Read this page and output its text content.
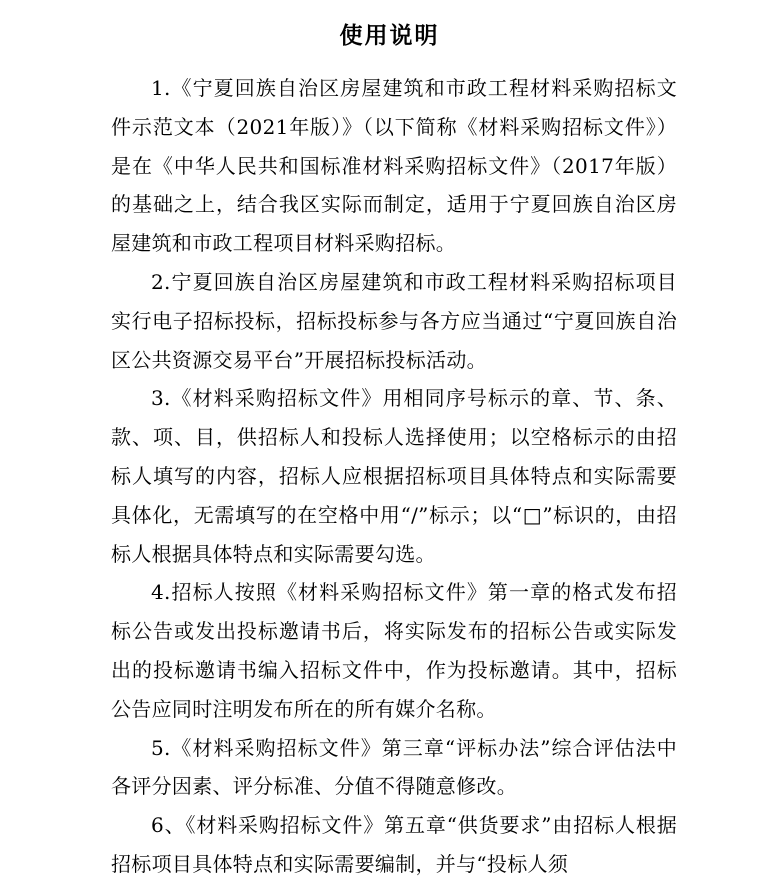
使用说明

1.《宁夏回族自治区房屋建筑和市政工程材料采购招标文件示范文本（2021年版）》（以下简称《材料采购招标文件》）是在《中华人民共和国标准材料采购招标文件》（2017年版）的基础之上，结合我区实际而制定，适用于宁夏回族自治区房屋建筑和市政工程项目材料采购招标。

2.宁夏回族自治区房屋建筑和市政工程材料采购招标项目实行电子招标投标，招标投标参与各方应当通过“宁夏回族自治区公共资源交易平台”开展招标投标活动。

3.《材料采购招标文件》用相同序号标示的章、节、条、款、项、目，供招标人和投标人选择使用；以空格标示的由招标人填写的内容，招标人应根据招标项目具体特点和实际需要具体化，无需填写的在空格中用“/”标示；以“□”标识的，由招标人根据具体特点和实际需要勾选。

4.招标人按照《材料采购招标文件》第一章的格式发布招标公告或发出投标邀请书后，将实际发布的招标公告或实际发出的投标邀请书编入招标文件中，作为投标邀请。其中，招标公告应同时注明发布所在的所有媒介名称。

5.《材料采购招标文件》第三章“评标办法”综合评估法中各评分因素、评分标准、分值不得随意修改。

6、《材料采购招标文件》第五章“供货要求”由招标人根据招标项目具体特点和实际需要编制，并与“投标人须
